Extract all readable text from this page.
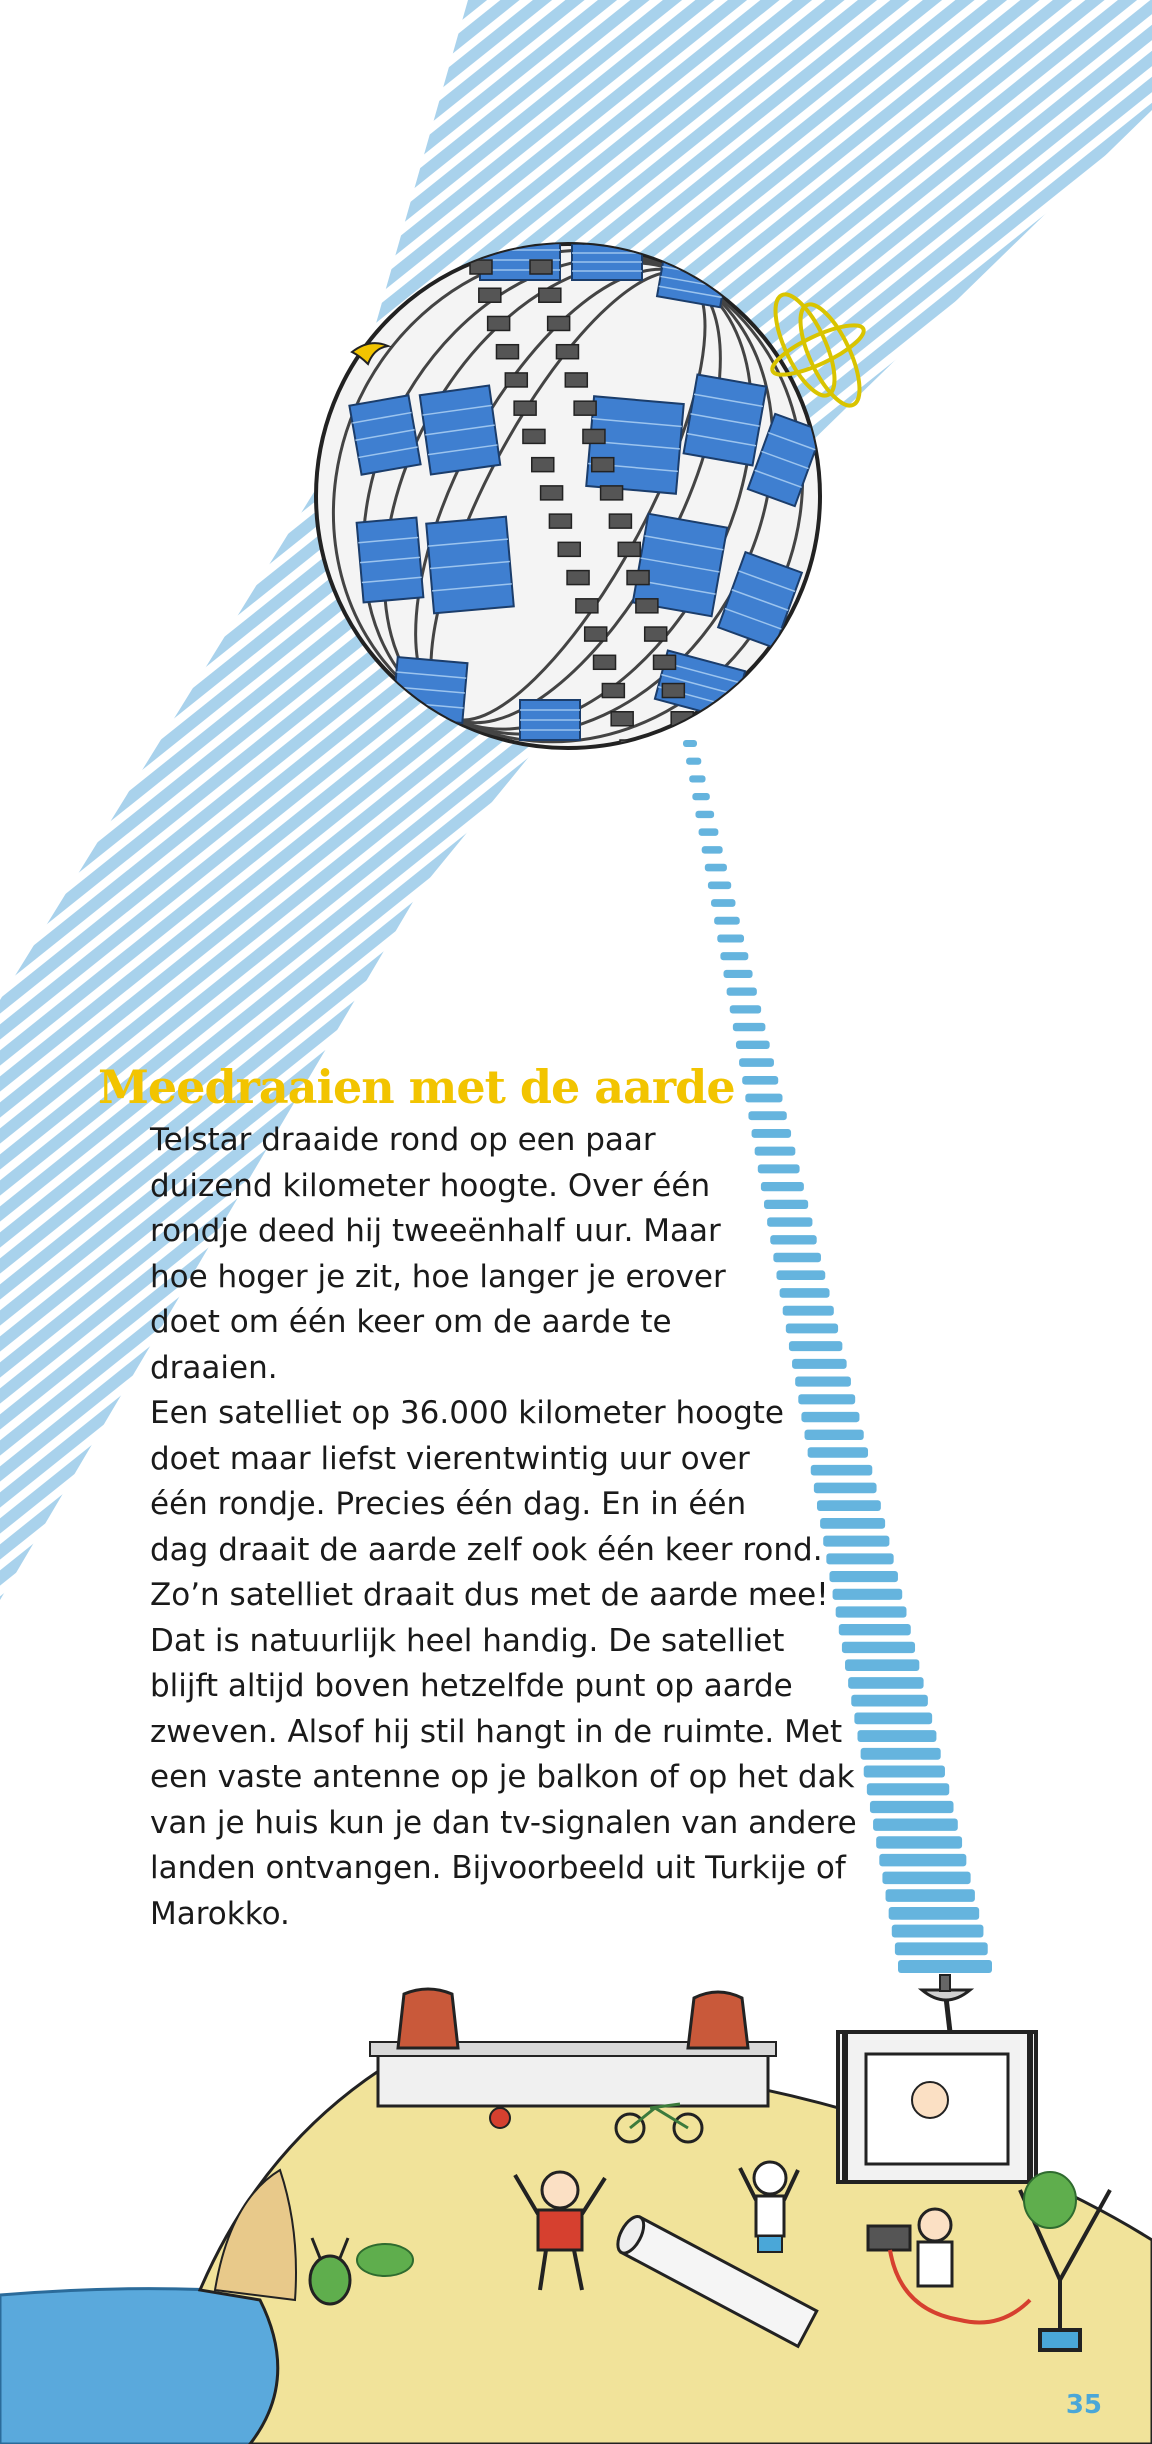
Meedraaien met de aarde

Telstar draaide rond op een paar
duizend kilometer hoogte. Over één
rondje deed hij tweeënhalf uur. Maar
hoe hoger je zit, hoe langer je erover
doet om één keer om de aarde te
draaien.

Een satelliet op 36.000 kilometer hoogte
doet maar liefst vierentwintig uur over
één rondje. Precies één dag. En in één
dag draait de aarde zelf ook één keer rond.
Zo’n satelliet draait dus met de aarde mee!
Dat is natuurlijk heel handig. De satelliet
blijft altijd boven hetzelfde punt op aarde
zweven. Alsof hij stil hangt in de ruimte. Met
een vaste antenne op je balkon of op het dak
van je huis kun je dan tv-signalen van andere
landen ontvangen. Bijvoorbeeld uit Turkije of
Marokko.

35
